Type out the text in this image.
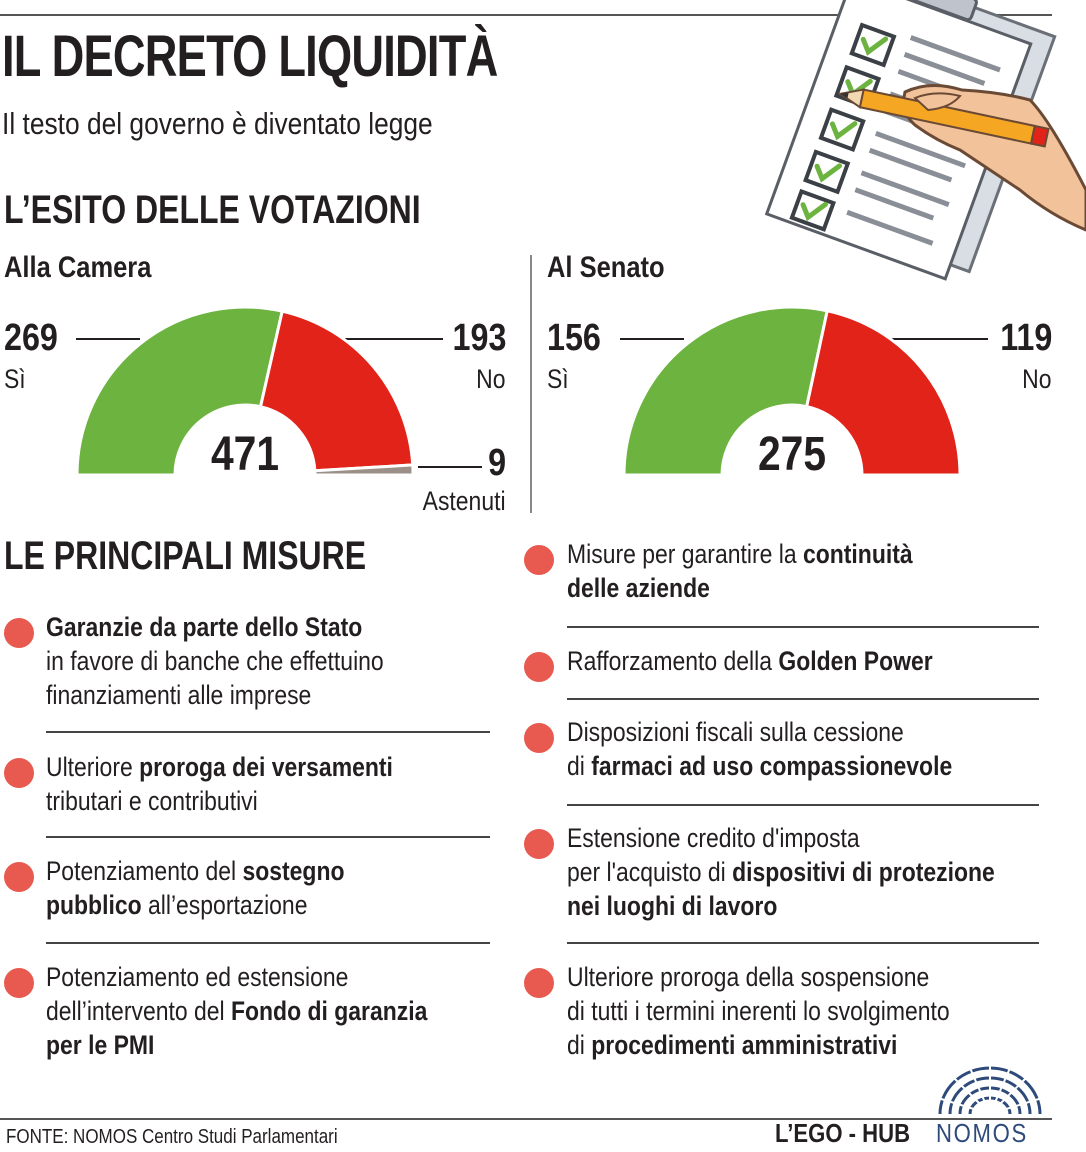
IL DECRETO LIQUIDITÀ
Il testo del governo è diventato legge
L’ESITO DELLE VOTAZIONI
Alla Camera
269
Sì
193
No
9
Astenuti
471
Al Senato
156
Sì
119
No
275
LE PRINCIPALI MISURE
Garanzie da parte dello Stato
in favore di banche che effettuino
finanziamenti alle imprese
Ulteriore proroga dei versamenti
tributari e contributivi
Potenziamento del sostegno
pubblico all’esportazione
Potenziamento ed estensione
dell’intervento del Fondo di garanzia
per le PMI
Misure per garantire la continuità
delle aziende
Rafforzamento della Golden Power
Disposizioni fiscali sulla cessione
di farmaci ad uso compassionevole
Estensione credito d'imposta
per l'acquisto di dispositivi di protezione
nei luoghi di lavoro
Ulteriore proroga della sospensione
di tutti i termini inerenti lo svolgimento
di procedimenti amministrativi
FONTE: NOMOS Centro Studi Parlamentari	L’EGO - HUB NOMOS
